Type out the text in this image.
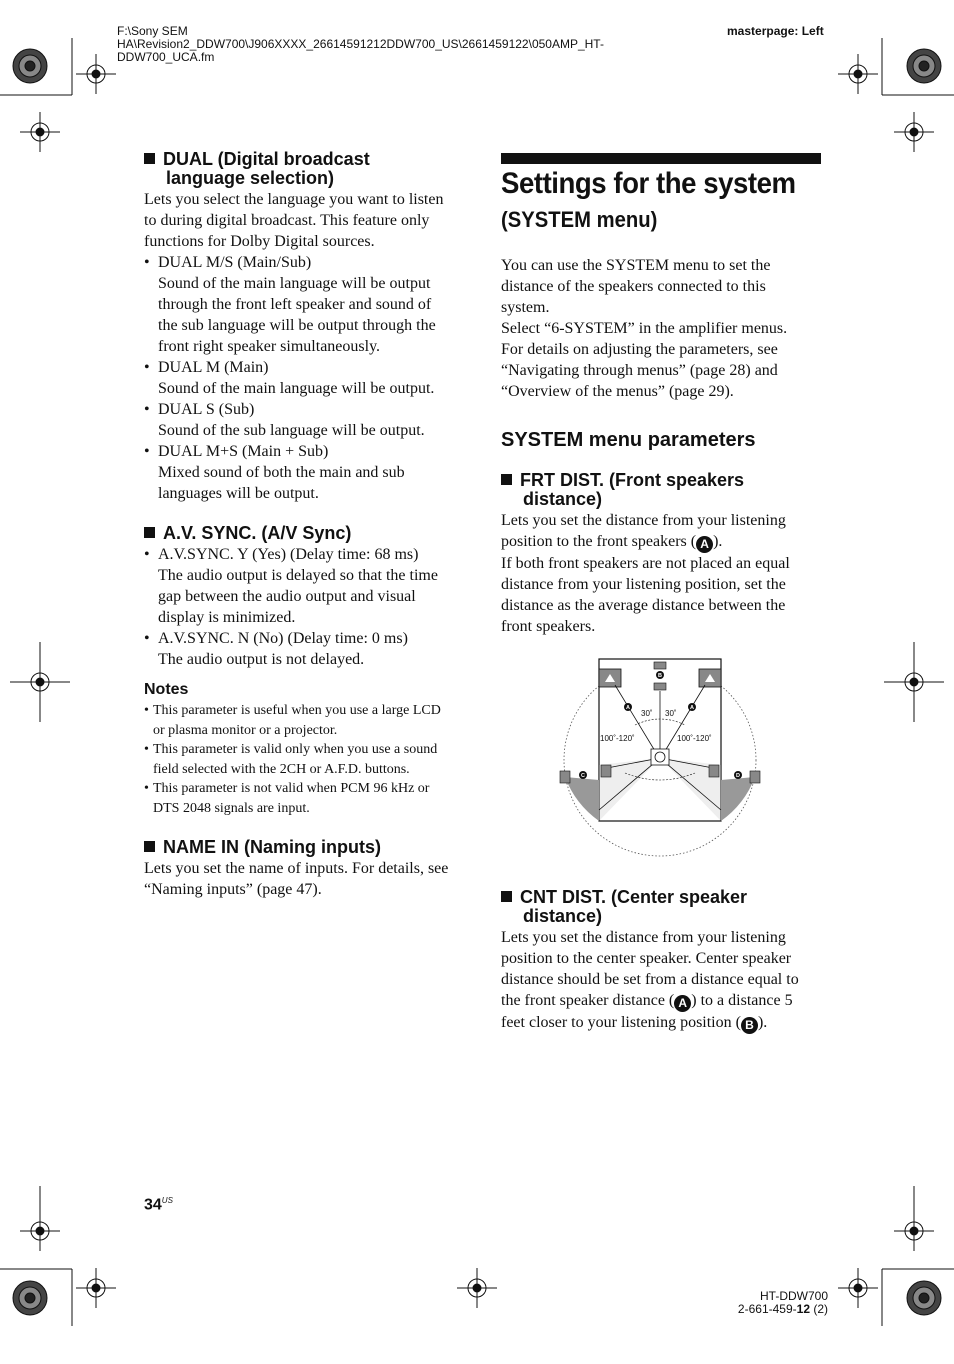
F:\Sony SEM
HA\Revision2_DDW700\J906XXXX_26614591212DDW700_US\2661459122\050AMP_HT-
DDW700_UCA.fm
masterpage: Left
DUAL (Digital broadcast
language selection)
Lets you select the language you want to listen
to during digital broadcast. This feature only
functions for Dolby Digital sources.
• DUAL M/S (Main/Sub)
Sound of the main language will be output
through the front left speaker and sound of
the sub language will be output through the
front right speaker simultaneously.
• DUAL M (Main)
Sound of the main language will be output.
• DUAL S (Sub)
Sound of the sub language will be output.
• DUAL M+S (Main + Sub)
Mixed sound of both the main and sub
languages will be output.
A.V. SYNC. (A/V Sync)
• A.V.SYNC. Y (Yes) (Delay time: 68 ms)
The audio output is delayed so that the time
gap between the audio output and visual
display is minimized.
• A.V.SYNC. N (No) (Delay time: 0 ms)
The audio output is not delayed.
Notes
• This parameter is useful when you use a large LCD
or plasma monitor or a projector.
• This parameter is valid only when you use a sound
field selected with the 2CH or A.F.D. buttons.
• This parameter is not valid when PCM 96 kHz or
DTS 2048 signals are input.
NAME IN (Naming inputs)
Lets you set the name of inputs. For details, see
“Naming inputs” (page 47).
Settings for the system
(SYSTEM menu)
You can use the SYSTEM menu to set the
distance of the speakers connected to this
system.
Select “6-SYSTEM” in the amplifier menus.
For details on adjusting the parameters, see
“Navigating through menus” (page 28) and
“Overview of the menus” (page 29).
SYSTEM menu parameters
FRT DIST. (Front speakers
distance)
Lets you set the distance from your listening
position to the front speakers ( A ).
If both front speakers are not placed an equal
distance from your listening position, set the
distance as the average distance between the
front speakers.
B
A	A
C	D
30˚ 30˚
100˚-120˚	100˚-120˚
CNT DIST. (Center speaker
distance)
Lets you set the distance from your listening
position to the center speaker. Center speaker
distance should be set from a distance equal to
the front speaker distance ( A ) to a distance 5
feet closer to your listening position ( B ).
$34^{US}$
HT-DDW700
2-661-459-12 (2)
